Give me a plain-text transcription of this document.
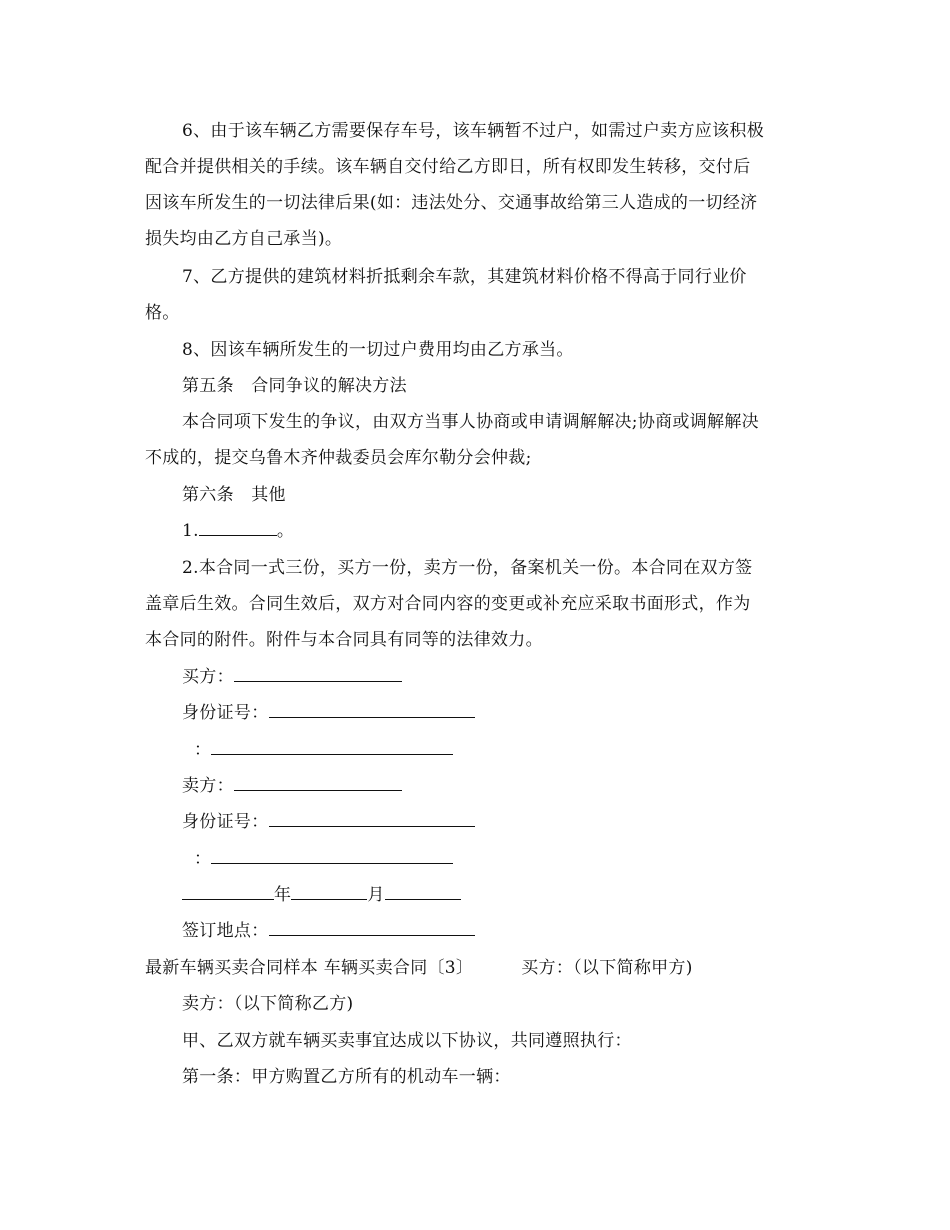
6、由于该车辆乙方需要保存车号，该车辆暂不过户，如需过户卖方应该积极
配合并提供相关的手续。该车辆自交付给乙方即日，所有权即发生转移，交付后
因该车所发生的一切法律后果(如：违法处分、交通事故给第三人造成的一切经济
损失均由乙方自己承当)。
7、乙方提供的建筑材料折抵剩余车款，其建筑材料价格不得高于同行业价
格。
8、因该车辆所发生的一切过户费用均由乙方承当。
第五条　合同争议的解决方法
本合同项下发生的争议，由双方当事人协商或申请调解解决;协商或调解解决
不成的，提交乌鲁木齐仲裁委员会库尔勒分会仲裁;
第六条　其他
1.	。
2.本合同一式三份，买方一份，卖方一份，备案机关一份。本合同在双方签
盖章后生效。合同生效后，双方对合同内容的变更或补充应采取书面形式，作为
本合同的附件。附件与本合同具有同等的法律效力。
买方：
身份证号：
：
卖方：
身份证号：
：
年	月
签订地点：
最新车辆买卖合同样本 车辆买卖合同〔3〕	买方：（以下简称甲方)
卖方：（以下简称乙方)
甲、乙双方就车辆买卖事宜达成以下协议，共同遵照执行：
第一条：甲方购置乙方所有的机动车一辆：
